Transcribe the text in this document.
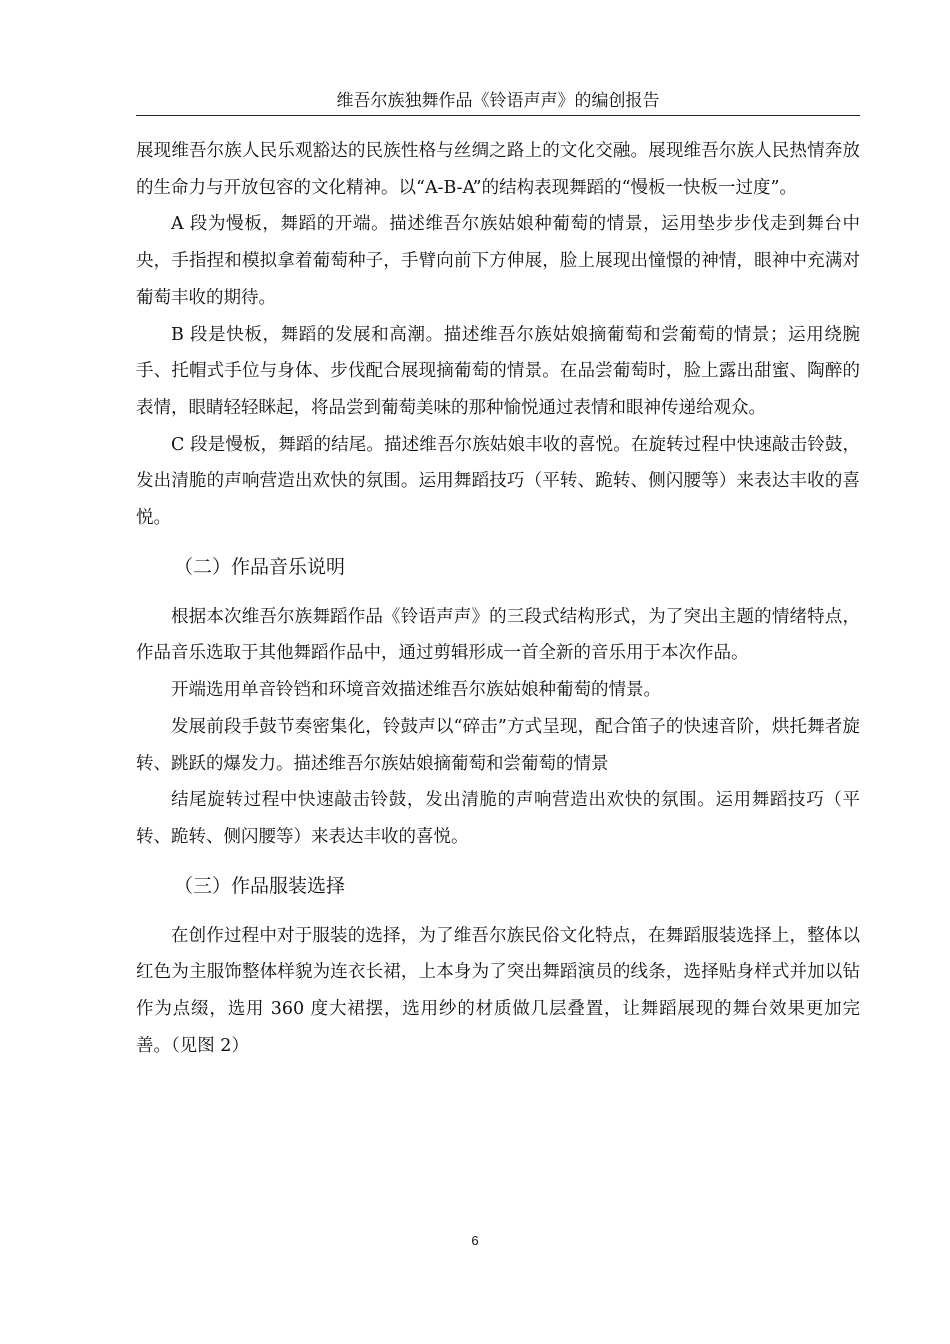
维吾尔族独舞作品《铃语声声》的编创报告

展现维吾尔族人民乐观豁达的民族性格与丝绸之路上的文化交融。展现维吾尔族人民热情奔放的生命力与开放包容的文化精神。以“A-B-A”的结构表现舞蹈的“慢板一快板一过度”。

A 段为慢板，舞蹈的开端。描述维吾尔族姑娘种葡萄的情景，运用垫步步伐走到舞台中央，手指捏和模拟拿着葡萄种子，手臂向前下方伸展，脸上展现出憧憬的神情，眼神中充满对葡萄丰收的期待。

B 段是快板，舞蹈的发展和高潮。描述维吾尔族姑娘摘葡萄和尝葡萄的情景；运用绕腕手、托帽式手位与身体、步伐配合展现摘葡萄的情景。在品尝葡萄时，脸上露出甜蜜、陶醉的表情，眼睛轻轻眯起，将品尝到葡萄美味的那种愉悦通过表情和眼神传递给观众。

C 段是慢板，舞蹈的结尾。描述维吾尔族姑娘丰收的喜悦。在旋转过程中快速敲击铃鼓，发出清脆的声响营造出欢快的氛围。运用舞蹈技巧（平转、跪转、侧闪腰等）来表达丰收的喜悦。

（二）作品音乐说明

根据本次维吾尔族舞蹈作品《铃语声声》的三段式结构形式，为了突出主题的情绪特点，作品音乐选取于其他舞蹈作品中，通过剪辑形成一首全新的音乐用于本次作品。

开端选用单音铃铛和环境音效描述维吾尔族姑娘种葡萄的情景。

发展前段手鼓节奏密集化，铃鼓声以“碎击”方式呈现，配合笛子的快速音阶，烘托舞者旋转、跳跃的爆发力。描述维吾尔族姑娘摘葡萄和尝葡萄的情景

结尾旋转过程中快速敲击铃鼓，发出清脆的声响营造出欢快的氛围。运用舞蹈技巧（平转、跪转、侧闪腰等）来表达丰收的喜悦。

（三）作品服装选择

在创作过程中对于服装的选择，为了维吾尔族民俗文化特点，在舞蹈服装选择上，整体以红色为主服饰整体样貌为连衣长裙，上本身为了突出舞蹈演员的线条，选择贴身样式并加以钻作为点缀，选用 360 度大裙摆，选用纱的材质做几层叠置，让舞蹈展现的舞台效果更加完善。（见图 2）

6
